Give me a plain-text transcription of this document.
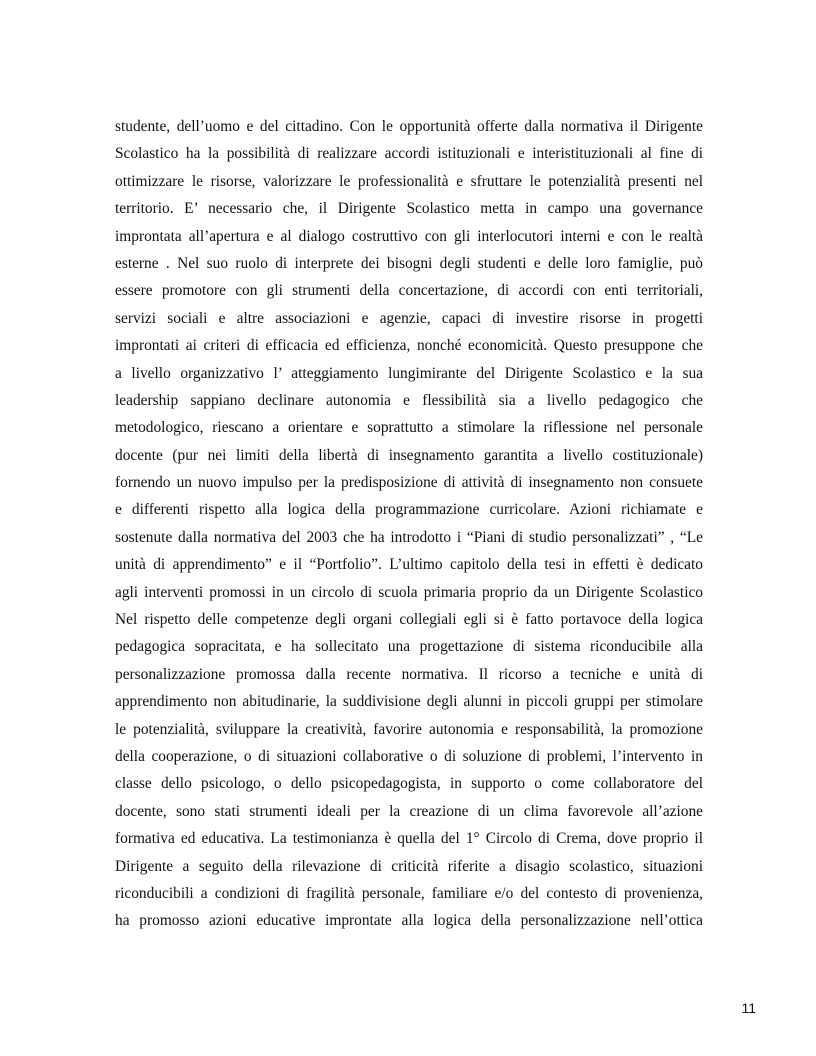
studente, dell’uomo e del cittadino. Con le opportunità offerte dalla normativa il Dirigente
Scolastico ha la possibilità di realizzare accordi istituzionali e interistituzionali al fine di
ottimizzare le risorse, valorizzare le professionalità e sfruttare le potenzialità presenti nel
territorio. E’ necessario che, il Dirigente Scolastico metta in campo una governance
improntata all’apertura e al dialogo costruttivo con gli interlocutori interni e con le realtà
esterne . Nel suo ruolo di interprete dei bisogni degli studenti e delle loro famiglie, può
essere promotore con gli strumenti della concertazione, di accordi con enti territoriali,
servizi sociali e altre associazioni e agenzie, capaci di investire risorse in progetti
improntati ai criteri di efficacia ed efficienza, nonché economicità. Questo presuppone che
a livello organizzativo l’ atteggiamento lungimirante del Dirigente Scolastico e la sua
leadership sappiano declinare autonomia e flessibilità sia a livello pedagogico che
metodologico, riescano a orientare e soprattutto a stimolare la riflessione nel personale
docente (pur nei limiti della libertà di insegnamento garantita a livello costituzionale)
fornendo un nuovo impulso per la predisposizione di attività di insegnamento non consuete
e differenti rispetto alla logica della programmazione curricolare. Azioni richiamate e
sostenute dalla normativa del 2003 che ha introdotto i “Piani di studio personalizzati” , “Le
unità di apprendimento” e il “Portfolio”. L’ultimo capitolo della tesi in effetti è dedicato
agli interventi promossi in un circolo di scuola primaria proprio da un Dirigente Scolastico
Nel rispetto delle competenze degli organi collegiali egli si è fatto portavoce della logica
pedagogica sopracitata, e ha sollecitato una progettazione di sistema riconducibile alla
personalizzazione promossa dalla recente normativa. Il ricorso a tecniche e unità di
apprendimento non abitudinarie, la suddivisione degli alunni in piccoli gruppi per stimolare
le potenzialità, sviluppare la creatività, favorire autonomia e responsabilità, la promozione
della cooperazione, o di situazioni collaborative o di soluzione di problemi, l’intervento in
classe dello psicologo, o dello psicopedagogista, in supporto o come collaboratore del
docente, sono stati strumenti ideali per la creazione di un clima favorevole all’azione
formativa ed educativa. La testimonianza è quella del 1° Circolo di Crema, dove proprio il
Dirigente a seguito della rilevazione di criticità riferite a disagio scolastico, situazioni
riconducibili a condizioni di fragilità personale, familiare e/o del contesto di provenienza,
ha promosso azioni educative improntate alla logica della personalizzazione nell’ottica
11
